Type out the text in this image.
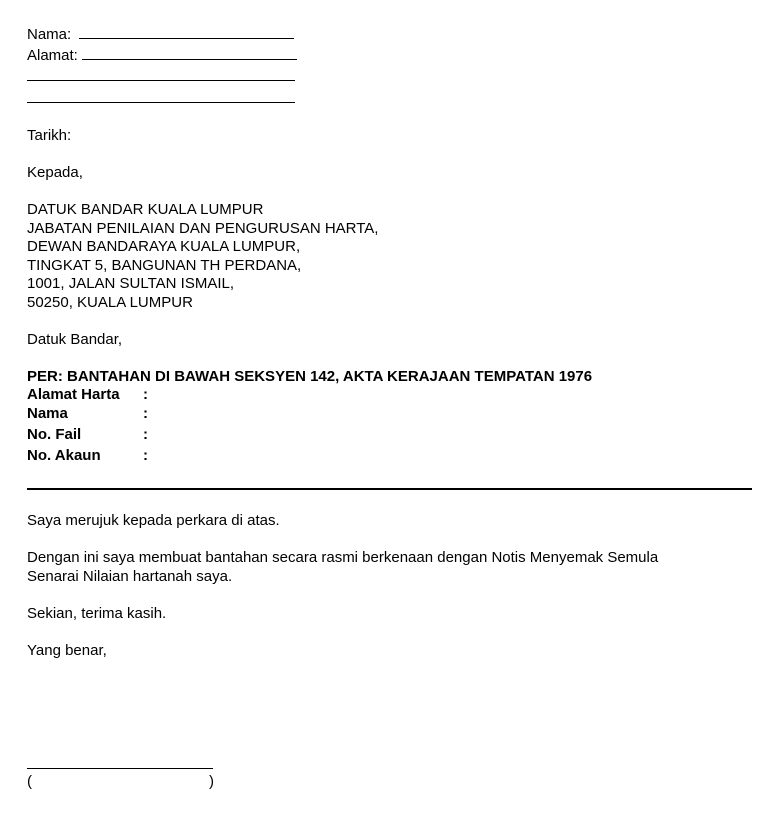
Nama:
Alamat:
Tarikh:
Kepada,
DATUK BANDAR KUALA LUMPUR
JABATAN PENILAIAN DAN PENGURUSAN HARTA,
DEWAN BANDARAYA KUALA LUMPUR,
TINGKAT 5, BANGUNAN TH PERDANA,
1001, JALAN SULTAN ISMAIL,
50250, KUALA LUMPUR
Datuk Bandar,
PER: BANTAHAN DI BAWAH SEKSYEN 142, AKTA KERAJAAN TEMPATAN 1976
Alamat Harta :
Nama	:
No. Fail	:
No. Akaun	:
Saya merujuk kepada perkara di atas.
Dengan ini saya membuat bantahan secara rasmi berkenaan dengan Notis Menyemak Semula
Senarai Nilaian hartanah saya.
Sekian, terima kasih.
Yang benar,
(	)
